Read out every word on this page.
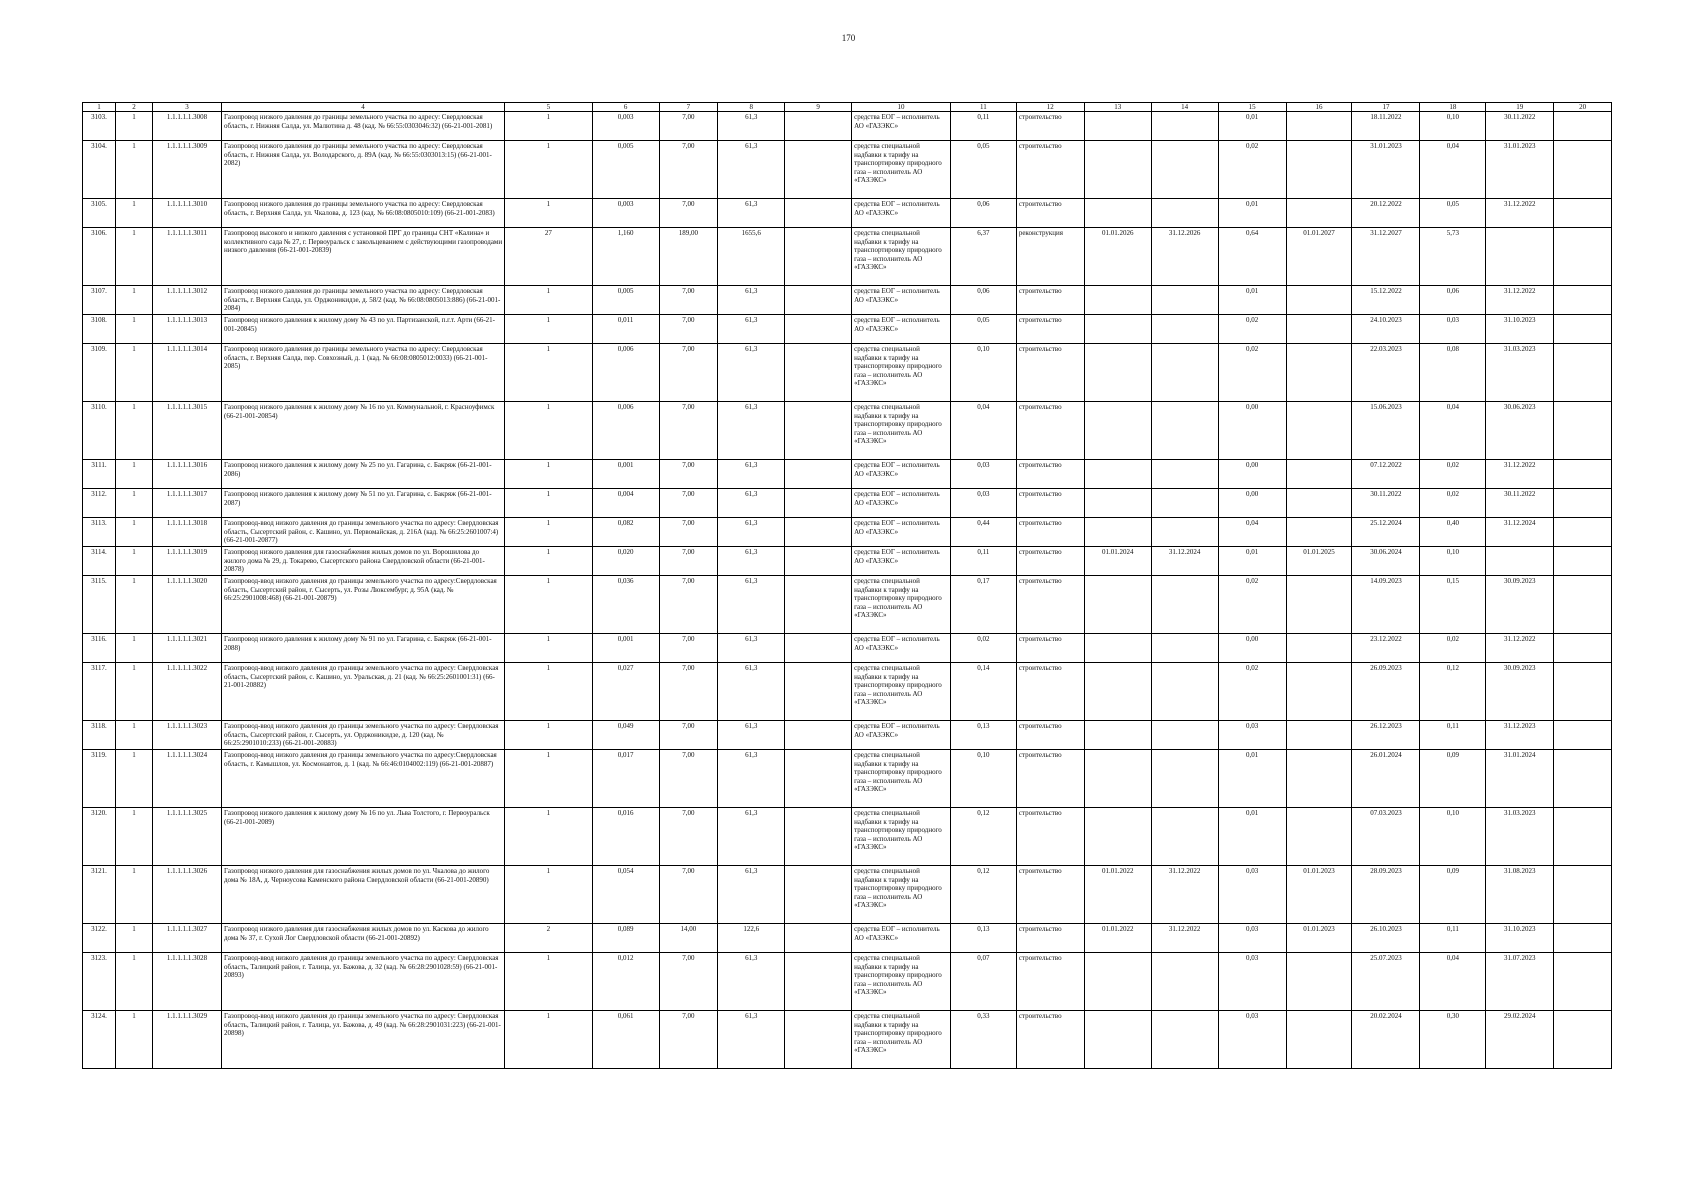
170
1	2	3	4	5	6	7	8	9	10	11	12	13	14	15	16	17	18	19	20
3103.	1	1.1.1.1.1.3008	Газопровод низкого давления до границы земельного участка по адресу: Свердловская область, г. Нижняя Салда, ул. Малютина д. 48 (кад. № 66:55:0303046:32) (66-21-001-2081)	1	0,003	7,00	61,3		средства ЕОГ – исполнитель АО «ГАЗЭКС»	0,11	строительство			0,01		18.11.2022	0,10	30.11.2022	
3104.	1	1.1.1.1.1.3009	Газопровод низкого давления до границы земельного участка по адресу: Свердловская область, г. Нижняя Салда, ул. Володарского, д. 89А (кад. № 66:55:0303013:15) (66-21-001-2082)	1	0,005	7,00	61,3		средства специальной надбавки к тарифу на транспортировку природного газа – исполнитель АО «ГАЗЭКС»	0,05	строительство			0,02		31.01.2023	0,04	31.01.2023	
3105.	1	1.1.1.1.1.3010	Газопровод низкого давления до границы земельного участка по адресу: Свердловская область, г. Верхняя Салда, ул. Чкалова, д. 123 (кад. № 66:08:0805010:109) (66-21-001-2083)	1	0,003	7,00	61,3		средства ЕОГ – исполнитель АО «ГАЗЭКС»	0,06	строительство			0,01		20.12.2022	0,05	31.12.2022	
3106.	1	1.1.1.1.1.3011	Газопровод высокого и низкого давления с установкой ПРГ до границы СНТ «Калина» и коллективного сада № 27, г. Первоуральск с закольцеванием с действующими газопроводами низкого давления (66-21-001-20839)	27	1,160	189,00	1655,6		средства специальной надбавки к тарифу на транспортировку природного газа – исполнитель АО «ГАЗЭКС»	6,37	реконструкция	01.01.2026	31.12.2026	0,64	01.01.2027	31.12.2027	5,73		
3107.	1	1.1.1.1.1.3012	Газопровод низкого давления до границы земельного участка по адресу: Свердловская область, г. Верхняя Салда, ул. Орджоникидзе, д. 58/2 (кад. № 66:08:0805013:886) (66-21-001-2084)	1	0,005	7,00	61,3		средства ЕОГ – исполнитель АО «ГАЗЭКС»	0,06	строительство			0,01		15.12.2022	0,06	31.12.2022	
3108.	1	1.1.1.1.1.3013	Газопровод низкого давления к жилому дому № 43 по ул. Партизанской, п.г.т. Арти (66-21-001-20845)	1	0,011	7,00	61,3		средства ЕОГ – исполнитель АО «ГАЗЭКС»	0,05	строительство			0,02		24.10.2023	0,03	31.10.2023	
3109.	1	1.1.1.1.1.3014	Газопровод низкого давления до границы земельного участка по адресу: Свердловская область, г. Верхняя Салда, пер. Совхозный, д. 1 (кад. № 66:08:0805012:0033) (66-21-001-2085)	1	0,006	7,00	61,3		средства специальной надбавки к тарифу на транспортировку природного газа – исполнитель АО «ГАЗЭКС»	0,10	строительство			0,02		22.03.2023	0,08	31.03.2023	
3110.	1	1.1.1.1.1.3015	Газопровод низкого давления к жилому дому № 16 по ул. Коммунальной, г. Красноуфимск (66-21-001-20854)	1	0,006	7,00	61,3		средства специальной надбавки к тарифу на транспортировку природного газа – исполнитель АО «ГАЗЭКС»	0,04	строительство			0,00		15.06.2023	0,04	30.06.2023	
3111.	1	1.1.1.1.1.3016	Газопровод низкого давления к жилому дому № 25 по ул. Гагарина, с. Бакряж (66-21-001-2086)	1	0,001	7,00	61,3		средства ЕОГ – исполнитель АО «ГАЗЭКС»	0,03	строительство			0,00		07.12.2022	0,02	31.12.2022	
3112.	1	1.1.1.1.1.3017	Газопровод низкого давления к жилому дому № 51 по ул. Гагарина, с. Бакряж (66-21-001-2087)	1	0,004	7,00	61,3		средства ЕОГ – исполнитель АО «ГАЗЭКС»	0,03	строительство			0,00		30.11.2022	0,02	30.11.2022	
3113.	1	1.1.1.1.1.3018	Газопровод-ввод низкого давления до границы земельного участка по адресу: Свердловская область, Сысертский район, с. Кашино, ул. Первомайская, д. 216А (кад. № 66:25:2601007:4) (66-21-001-20877)	1	0,082	7,00	61,3		средства ЕОГ – исполнитель АО «ГАЗЭКС»	0,44	строительство			0,04		25.12.2024	0,40	31.12.2024	
3114.	1	1.1.1.1.1.3019	Газопровод низкого давления для газоснабжения жилых домов по ул. Ворошилова до жилого дома № 29, д. Токарево, Сысертского района Свердловской области (66-21-001-20878)	1	0,020	7,00	61,3		средства ЕОГ – исполнитель АО «ГАЗЭКС»	0,11	строительство	01.01.2024	31.12.2024	0,01	01.01.2025	30.06.2024	0,10		
3115.	1	1.1.1.1.1.3020	Газопровод-ввод низкого давления до границы земельного участка по адресу:Свердловская область, Сысертский район, г. Сысерть, ул. Розы Люксембург, д. 95А (кад. № 66:25:2901008:468) (66-21-001-20879)	1	0,036	7,00	61,3		средства специальной надбавки к тарифу на транспортировку природного газа – исполнитель АО «ГАЗЭКС»	0,17	строительство			0,02		14.09.2023	0,15	30.09.2023	
3116.	1	1.1.1.1.1.3021	Газопровод низкого давления к жилому дому № 91 по ул. Гагарина, с. Бакряж (66-21-001-2088)	1	0,001	7,00	61,3		средства ЕОГ – исполнитель АО «ГАЗЭКС»	0,02	строительство			0,00		23.12.2022	0,02	31.12.2022	
3117.	1	1.1.1.1.1.3022	Газопровод-ввод низкого давления до границы земельного участка по адресу: Свердловская область, Сысертский район, с. Кашино, ул. Уральская, д. 21 (кад. № 66:25:2601001:31) (66-21-001-20882)	1	0,027	7,00	61,3		средства специальной надбавки к тарифу на транспортировку природного газа – исполнитель АО «ГАЗЭКС»	0,14	строительство			0,02		26.09.2023	0,12	30.09.2023	
3118.	1	1.1.1.1.1.3023	Газопровод-ввод низкого давления до границы земельного участка по адресу: Свердловская область, Сысертский район, г. Сысерть, ул. Орджоникидзе, д. 120 (кад. № 66:25:2901010:233) (66-21-001-20883)	1	0,049	7,00	61,3		средства ЕОГ – исполнитель АО «ГАЗЭКС»	0,13	строительство			0,03		26.12.2023	0,11	31.12.2023	
3119.	1	1.1.1.1.1.3024	Газопровод-ввод низкого давления до границы земельного участка по адресу:Свердловская область, г. Камышлов, ул. Космонавтов, д. 1 (кад. № 66:46:0104002:119) (66-21-001-20887)	1	0,017	7,00	61,3		средства специальной надбавки к тарифу на транспортировку природного газа – исполнитель АО «ГАЗЭКС»	0,10	строительство			0,01		26.01.2024	0,09	31.01.2024	
3120.	1	1.1.1.1.1.3025	Газопровод низкого давления к жилому дому № 16 по ул. Льва Толстого, г. Первоуральск (66-21-001-2089)	1	0,016	7,00	61,3		средства специальной надбавки к тарифу на транспортировку природного газа – исполнитель АО «ГАЗЭКС»	0,12	строительство			0,01		07.03.2023	0,10	31.03.2023	
3121.	1	1.1.1.1.1.3026	Газопровод низкого давления для газоснабжения жилых домов по ул. Чкалова до жилого дома № 18А, д. Черноусова Каменского района Свердловской области (66-21-001-20890)	1	0,054	7,00	61,3		средства специальной надбавки к тарифу на транспортировку природного газа – исполнитель АО «ГАЗЭКС»	0,12	строительство	01.01.2022	31.12.2022	0,03	01.01.2023	28.09.2023	0,09	31.08.2023	
3122.	1	1.1.1.1.1.3027	Газопровод низкого давления для газоснабжения жилых домов по ул. Каскова до жилого дома № 37, г. Сухой Лог Свердловской области (66-21-001-20892)	2	0,089	14,00	122,6		средства ЕОГ – исполнитель АО «ГАЗЭКС»	0,13	строительство	01.01.2022	31.12.2022	0,03	01.01.2023	26.10.2023	0,11	31.10.2023	
3123.	1	1.1.1.1.1.3028	Газопровод-ввод низкого давления до границы земельного участка по адресу: Свердловская область, Талицкий район, г. Талица, ул. Бажова, д. 32 (кад. № 66:28:2901028:59) (66-21-001-20893)	1	0,012	7,00	61,3		средства специальной надбавки к тарифу на транспортировку природного газа – исполнитель АО «ГАЗЭКС»	0,07	строительство			0,03		25.07.2023	0,04	31.07.2023	
3124.	1	1.1.1.1.1.3029	Газопровод-ввод низкого давления до границы земельного участка по адресу: Свердловская область, Талицкий район, г. Талица, ул. Бажова, д. 49 (кад. № 66:28:2901031:223) (66-21-001-20898)	1	0,061	7,00	61,3		средства специальной надбавки к тарифу на транспортировку природного газа – исполнитель АО «ГАЗЭКС»	0,33	строительство			0,03		20.02.2024	0,30	29.02.2024	
